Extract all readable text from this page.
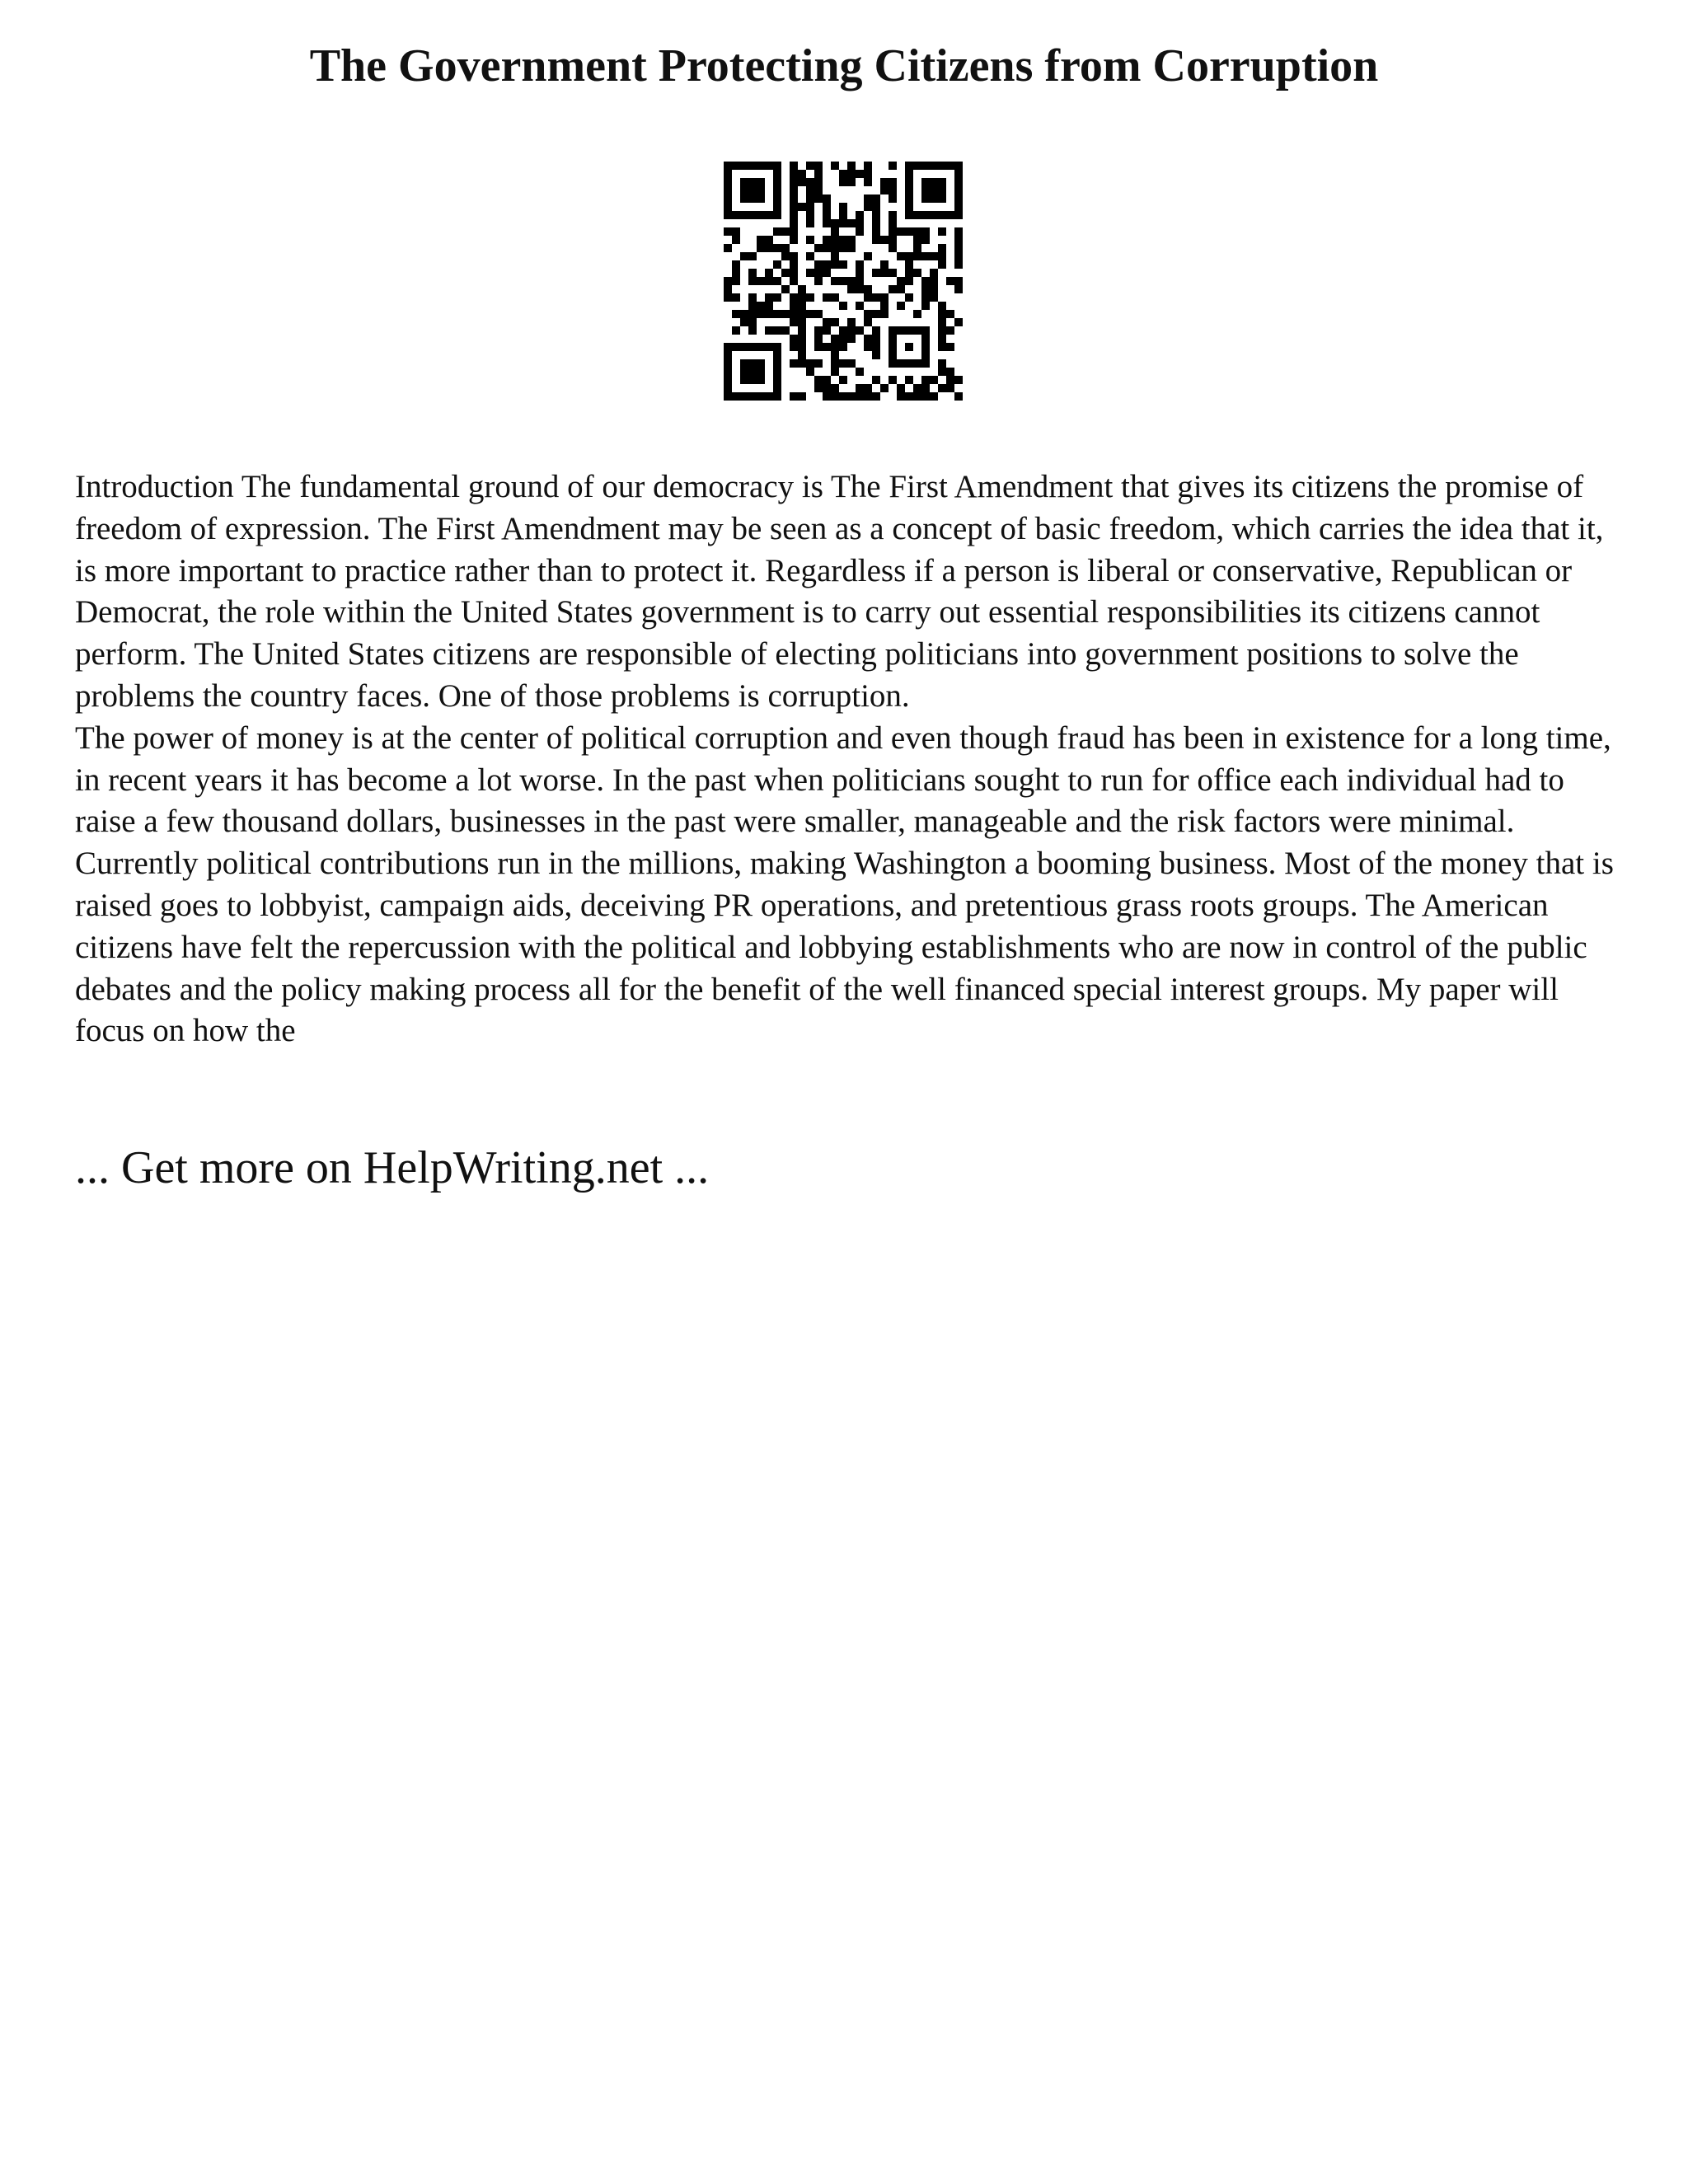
The Government Protecting Citizens from Corruption

Introduction The fundamental ground of our democracy is The First Amendment that gives its citizens the promise of freedom of expression. The First Amendment may be seen as a concept of basic freedom, which carries the idea that it, is more important to practice rather than to protect it. Regardless if a person is liberal or conservative, Republican or Democrat, the role within the United States government is to carry out essential responsibilities its citizens cannot perform. The United States citizens are responsible of electing politicians into government positions to solve the problems the country faces. One of those problems is corruption.

The power of money is at the center of political corruption and even though fraud has been in existence for a long time, in recent years it has become a lot worse. In the past when politicians sought to run for office each individual had to raise a few thousand dollars, businesses in the past were smaller, manageable and the risk factors were minimal. Currently political contributions run in the millions, making Washington a booming business. Most of the money that is raised goes to lobbyist, campaign aids, deceiving PR operations, and pretentious grass roots groups. The American citizens have felt the repercussion with the political and lobbying establishments who are now in control of the public debates and the policy making process all for the benefit of the well financed special interest groups. My paper will focus on how the

... Get more on HelpWriting.net ...
